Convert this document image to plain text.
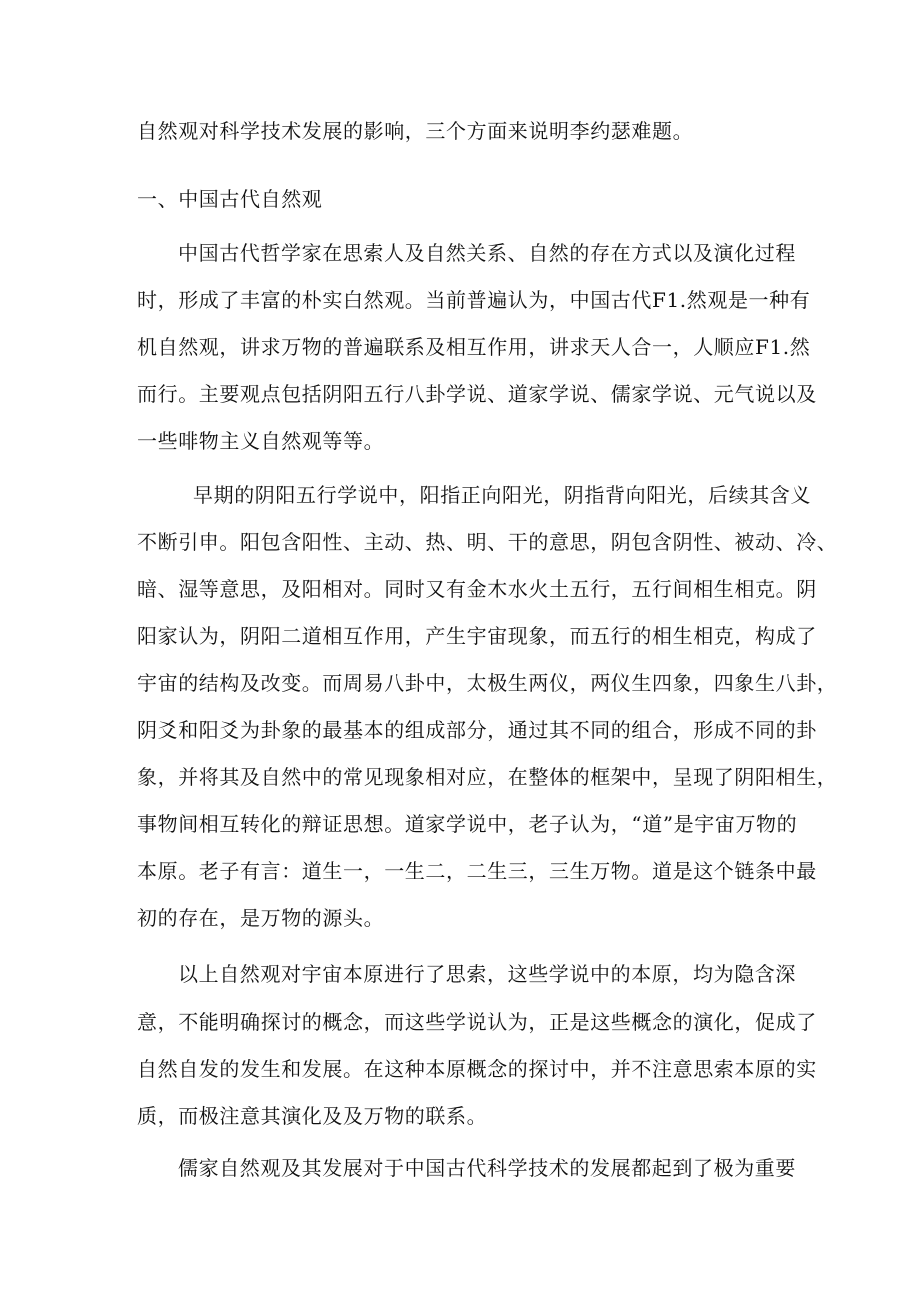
自然观对科学技术发展的影响，三个方面来说明李约瑟难题。
一、中国古代自然观
中国古代哲学家在思索人及自然关系、自然的存在方式以及演化过程
时，形成了丰富的朴实白然观。当前普遍认为，中国古代F1.然观是一种有
机自然观，讲求万物的普遍联系及相互作用，讲求天人合一，人顺应F1.然
而行。主要观点包括阴阳五行八卦学说、道家学说、儒家学说、元气说以及
一些啡物主义自然观等等。
早期的阴阳五行学说中，阳指正向阳光，阴指背向阳光，后续其含义
不断引申。阳包含阳性、主动、热、明、干的意思，阴包含阴性、被动、冷、
暗、湿等意思，及阳相对。同时又有金木水火土五行，五行间相生相克。阴
阳家认为，阴阳二道相互作用，产生宇宙现象，而五行的相生相克，构成了
宇宙的结构及改变。而周易八卦中，太极生两仪，两仪生四象，四象生八卦，
阴爻和阳爻为卦象的最基本的组成部分，通过其不同的组合，形成不同的卦
象，并将其及自然中的常见现象相对应，在整体的框架中，呈现了阴阳相生，
事物间相互转化的辩证思想。道家学说中，老子认为，“道”是宇宙万物的
本原。老子有言：道生一，一生二，二生三，三生万物。道是这个链条中最
初的存在，是万物的源头。
以上自然观对宇宙本原进行了思索，这些学说中的本原，均为隐含深
意，不能明确探讨的概念，而这些学说认为，正是这些概念的演化，促成了
自然自发的发生和发展。在这种本原概念的探讨中，并不注意思索本原的实
质，而极注意其演化及及万物的联系。
儒家自然观及其发展对于中国古代科学技术的发展都起到了极为重要
